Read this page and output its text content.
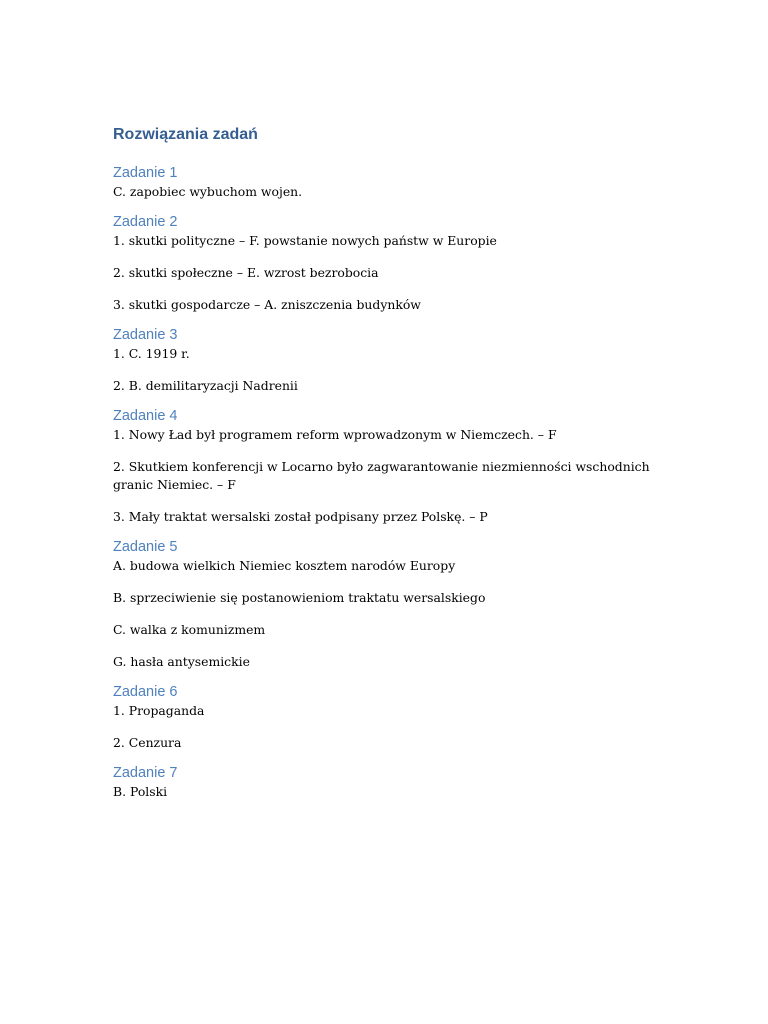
Rozwiązania zadań
Zadanie 1

C. zapobiec wybuchom wojen.

Zadanie 2

1. skutki polityczne – F. powstanie nowych państw w Europie

2. skutki społeczne – E. wzrost bezrobocia

3. skutki gospodarcze – A. zniszczenia budynków

Zadanie 3

1. C. 1919 r.

2. B. demilitaryzacji Nadrenii

Zadanie 4

1. Nowy Ład był programem reform wprowadzonym w Niemczech. – F

2. Skutkiem konferencji w Locarno było zagwarantowanie niezmienności wschodnich granic Niemiec. – F

3. Mały traktat wersalski został podpisany przez Polskę. – P

Zadanie 5

A. budowa wielkich Niemiec kosztem narodów Europy

B. sprzeciwienie się postanowieniom traktatu wersalskiego

C. walka z komunizmem

G. hasła antysemickie

Zadanie 6

1. Propaganda

2. Cenzura

Zadanie 7

B. Polski
